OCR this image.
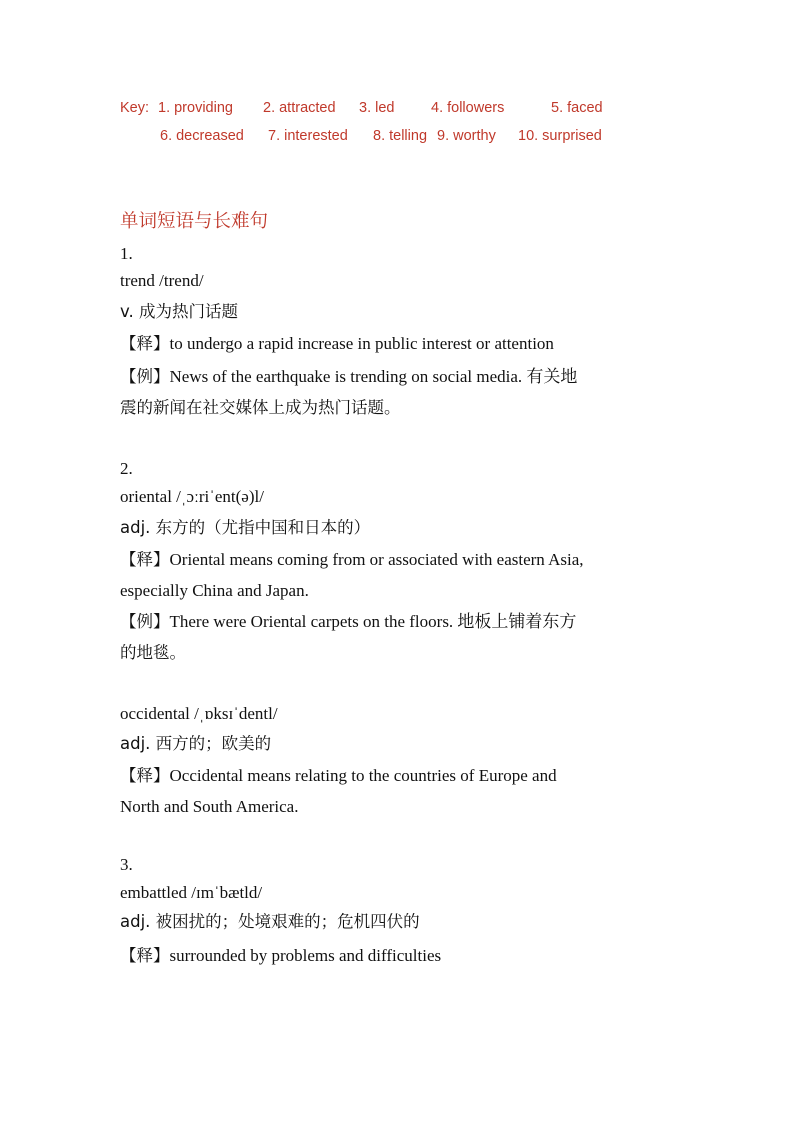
Key: 1. providing 2. attracted 3. led	4. followers	5. faced
6. decreased 7. interested 8. telling 9. worthy 10. surprised
单词短语与长难句
1.
trend /trend/
v. 成为热门话题
【释】to undergo a rapid increase in public interest or attention
【例】News of the earthquake is trending on social media. 有关地
震的新闻在社交媒体上成为热门话题。
2.
oriental /ˌɔːriˈent(ə)l/
adj. 东方的（尤指中国和日本的）
【释】Oriental means coming from or associated with eastern Asia,
especially China and Japan.
【例】There were Oriental carpets on the floors. 地板上铺着东方
的地毯。
occidental /ˌɒksɪˈdentl/
adj. 西方的；欧美的
【释】Occidental means relating to the countries of Europe and
North and South America.
3.
embattled /ɪmˈbætld/
adj. 被困扰的；处境艰难的；危机四伏的
【释】surrounded by problems and difficulties
